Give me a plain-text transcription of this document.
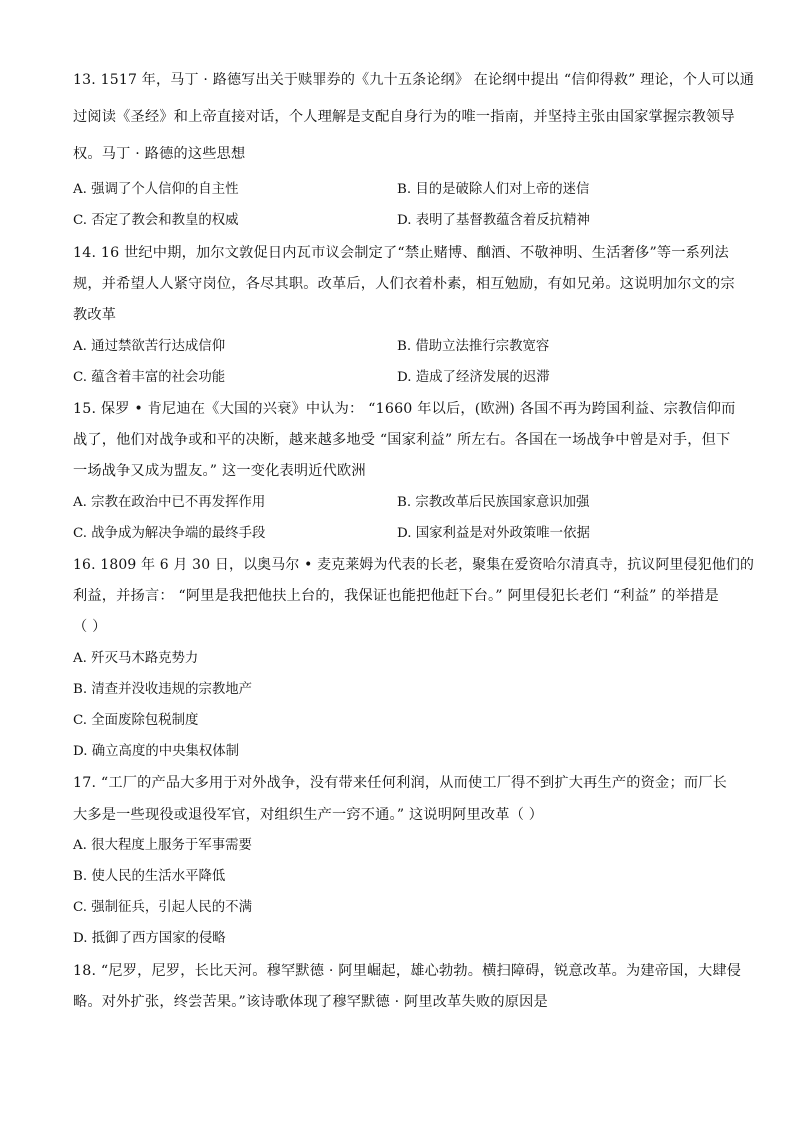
13. 1517 年，马丁 · 路德写出关于赎罪券的《九十五条论纲》 在论纲中提出 “信仰得救” 理论，个人可以通
过阅读《圣经》和上帝直接对话，个人理解是支配自身行为的唯一指南，并坚持主张由国家掌握宗教领导
权。马丁 · 路德的这些思想
A. 强调了个人信仰的自主性	B. 目的是破除人们对上帝的迷信
C. 否定了教会和教皇的权威	D. 表明了基督教蕴含着反抗精神
14. 16 世纪中期，加尔文敦促日内瓦市议会制定了“禁止赌博、酗酒、不敬神明、生活奢侈”等一系列法
规，并希望人人紧守岗位，各尽其职。改革后，人们衣着朴素，相互勉励，有如兄弟。这说明加尔文的宗
教改革
A. 通过禁欲苦行达成信仰	B. 借助立法推行宗教宽容
C. 蕴含着丰富的社会功能	D. 造成了经济发展的迟滞
15. 保罗 • 肯尼迪在《大国的兴衰》中认为： “1660 年以后，(欧洲) 各国不再为跨国利益、宗教信仰而
战了，他们对战争或和平的决断，越来越多地受 “国家利益” 所左右。各国在一场战争中曾是对手，但下
一场战争又成为盟友。” 这一变化表明近代欧洲
A. 宗教在政治中已不再发挥作用	B. 宗教改革后民族国家意识加强
C. 战争成为解决争端的最终手段	D. 国家利益是对外政策唯一依据
16. 1809 年 6 月 30 日，以奥马尔 • 麦克莱姆为代表的长老，聚集在爱资哈尔清真寺，抗议阿里侵犯他们的
利益，并扬言： “阿里是我把他扶上台的，我保证也能把他赶下台。” 阿里侵犯长老们 “利益” 的举措是
（ ）
A. 歼灭马木路克势力
B. 清查并没收违规的宗教地产
C. 全面废除包税制度
D. 确立高度的中央集权体制
17. “工厂的产品大多用于对外战争，没有带来任何利润，从而使工厂得不到扩大再生产的资金；而厂长
大多是一些现役或退役军官，对组织生产一窍不通。” 这说明阿里改革（ ）
A. 很大程度上服务于军事需要
B. 使人民的生活水平降低
C. 强制征兵，引起人民的不满
D. 抵御了西方国家的侵略
18. “尼罗，尼罗，长比天河。穆罕默德 · 阿里崛起，雄心勃勃。横扫障碍，锐意改革。为建帝国，大肆侵
略。对外扩张，终尝苦果。”该诗歌体现了穆罕默德 · 阿里改革失败的原因是
